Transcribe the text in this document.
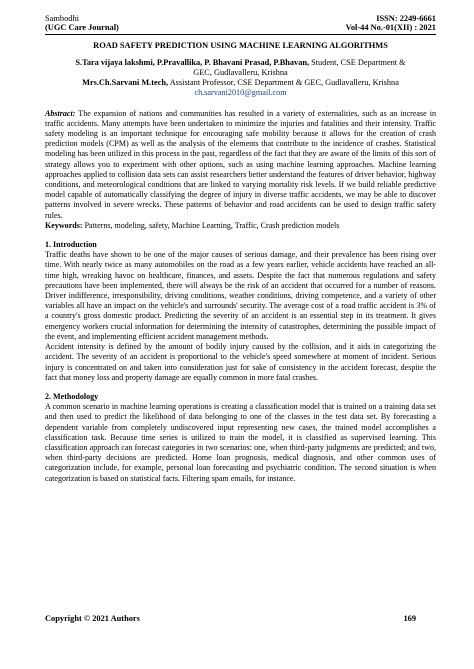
Sambodhi	ISSN: 2249-6661
(UGC Care Journal)	Vol-44 No.-01(XII) : 2021
ROAD SAFETY PREDICTION USING MACHINE LEARNING ALGORITHMS
S.Tara vijaya lakshmi, P.Pravallika, P. Bhavani Prasad, P.Bhavan, Student, CSE Department &
GEC, Gudlavalleru, Krishna
Mrs.Ch.Sarvani M.tech, Assistant Professor, CSE Department & GEC, Gudlavalleru, Krishna
ch.sarvani2010@gmail.com

Abstract: The expansion of nations and communities has resulted in a variety of externalities, such as an increase in traffic accidents. Many attempts have been undertaken to minimize the injuries and fatalities and their intensity. Traffic safety modeling is an important technique for encouraging safe mobility because it allows for the creation of crash prediction models (CPM) as well as the analysis of the elements that contribute to the incidence of crashes. Statistical modeling has been utilized in this process in the past, regardless of the fact that they are aware of the limits of this sort of strategy allows you to experiment with other options, such as using machine learning approaches. Machine learning approaches applied to collision data sets can assist researchers better understand the features of driver behavior, highway conditions, and meteorological conditions that are linked to varying mortality risk levels. If we build reliable predictive model capable of automatically classifying the degree of injury in diverse traffic accidents, we may be able to discover patterns involved in severe wrecks. These patterns of behavior and road accidents can be used to design traffic safety rules.

Keywords: Patterns, modeling, safety, Machine Learning, Traffic, Crash prediction models

1. Introduction

Traffic deaths have shown to be one of the major causes of serious damage, and their prevalence has been rising over time. With nearly twice as many automobiles on the road as a few years earlier, vehicle accidents have reached an all-time high, wreaking havoc on healthcare, finances, and assets. Despite the fact that numerous regulations and safety precautions have been implemented, there will always be the risk of an accident that occurred for a number of reasons. Driver indifference, irresponsibility, driving conditions, weather conditions, driving competence, and a variety of other variables all have an impact on the vehicle's and surrounds' security. The average cost of a road traffic accident is 3% of a country's gross domestic product. Predicting the severity of an accident is an essential step in its treatment. It gives emergency workers crucial information for determining the intensity of catastrophes, determining the possible impact of the event, and implementing efficient accident management methods.

Accident intensity is defined by the amount of bodily injury caused by the collision, and it aids in categorizing the accident. The severity of an accident is proportional to the vehicle's speed somewhere at moment of incident. Serious injury is concentrated on and taken into consideration just for sake of consistency in the accident forecast, despite the fact that money loss and property damage are equally common in more fatal crashes.

2. Methodology

A common scenario in machine learning operations is creating a classification model that is trained on a training data set and then used to predict the likelihood of data belonging to one of the classes in the test data set. By forecasting a dependent variable from completely undiscovered input representing new cases, the trained model accomplishes a classification task. Because time series is utilized to train the model, it is classified as supervised learning. This classification approach can forecast categories in two scenarios: one, when third-party judgments are predicted; and two, when third-party decisions are predicted. Home loan prognosis, medical diagnosis, and other common uses of categorization include, for example, personal loan forecasting and psychiatric condition. The second situation is when categorization is based on statistical facts. Filtering spam emails, for instance.

Copyright © 2021 Authors	169
